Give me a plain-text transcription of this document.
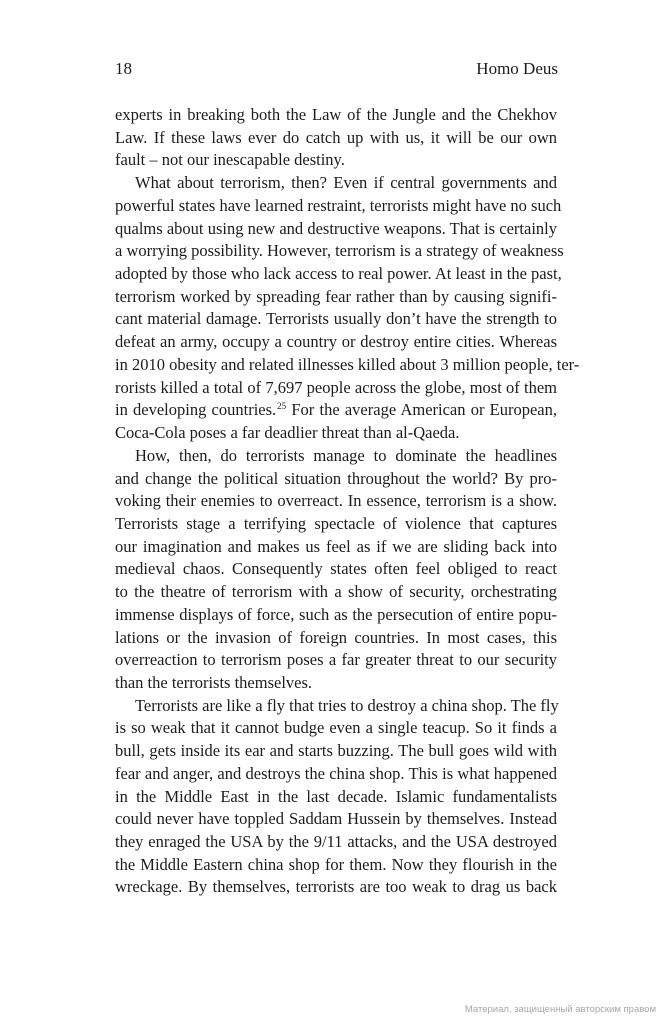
18	Homo Deus
experts in breaking both the Law of the Jungle and the Chekhov
Law. If these laws ever do catch up with us, it will be our own
fault – not our inescapable destiny.
What about terrorism, then? Even if central governments and
powerful states have learned restraint, terrorists might have no such
qualms about using new and destructive weapons. That is certainly
a worrying possibility. However, terrorism is a strategy of weakness
adopted by those who lack access to real power. At least in the past,
terrorism worked by spreading fear rather than by causing signifi-
cant material damage. Terrorists usually don’t have the strength to
defeat an army, occupy a country or destroy entire cities. Whereas
in 2010 obesity and related illnesses killed about 3 million people, ter-
rorists killed a total of 7,697 people across the globe, most of them
in developing countries.$^{25}$ For the average American or European,
Coca-Cola poses a far deadlier threat than al-Qaeda.
How, then, do terrorists manage to dominate the headlines
and change the political situation throughout the world? By pro-
voking their enemies to overreact. In essence, terrorism is a show.
Terrorists stage a terrifying spectacle of violence that captures
our imagination and makes us feel as if we are sliding back into
medieval chaos. Consequently states often feel obliged to react
to the theatre of terrorism with a show of security, orchestrating
immense displays of force, such as the persecution of entire popu-
lations or the invasion of foreign countries. In most cases, this
overreaction to terrorism poses a far greater threat to our security
than the terrorists themselves.
Terrorists are like a fly that tries to destroy a china shop. The fly
is so weak that it cannot budge even a single teacup. So it finds a
bull, gets inside its ear and starts buzzing. The bull goes wild with
fear and anger, and destroys the china shop. This is what happened
in the Middle East in the last decade. Islamic fundamentalists
could never have toppled Saddam Hussein by themselves. Instead
they enraged the USA by the 9/11 attacks, and the USA destroyed
the Middle Eastern china shop for them. Now they flourish in the
wreckage. By themselves, terrorists are too weak to drag us back
Материал, защищенный авторским правом
